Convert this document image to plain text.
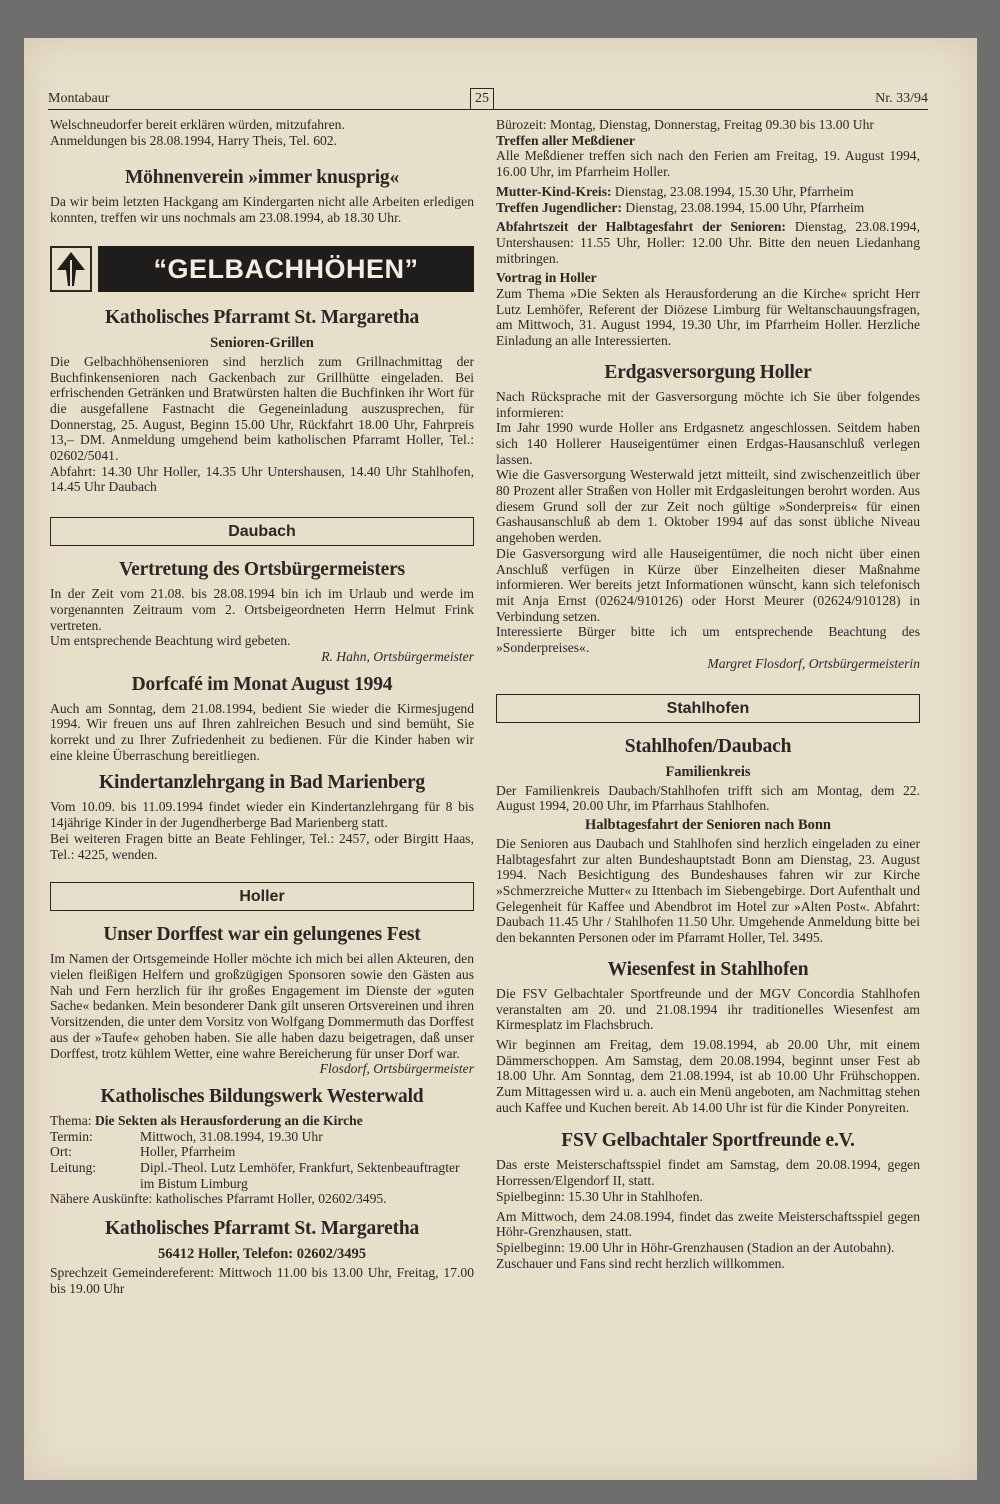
Montabaur	25	Nr. 33/94

Welschneudorfer bereit erklären würden, mitzufahren.

Anmeldungen bis 28.08.1994, Harry Theis, Tel. 602.

Möhnenverein »immer knusprig«

Da wir beim letzten Hackgang am Kindergarten nicht alle Arbeiten erledigen konnten, treffen wir uns nochmals am 23.08.1994, ab 18.30 Uhr.

“GELBACHHÖHEN”
Katholisches Pfarramt St. Margaretha
Senioren-Grillen

Die Gelbachhöhensenioren sind herzlich zum Grillnachmittag der Buchfinkensenioren nach Gackenbach zur Grillhütte eingeladen. Bei erfrischenden Getränken und Bratwürsten halten die Buchfinken ihr Wort für die ausgefallene Fastnacht die Gegeneinladung auszusprechen, für Donnerstag, 25. August, Beginn 15.00 Uhr, Rückfahrt 18.00 Uhr, Fahrpreis 13,– DM. Anmeldung umgehend beim katholischen Pfarramt Holler, Tel.: 02602/5041.

Abfahrt: 14.30 Uhr Holler, 14.35 Uhr Untershausen, 14.40 Uhr Stahlhofen, 14.45 Uhr Daubach

Daubach
Vertretung des Ortsbürgermeisters

In der Zeit vom 21.08. bis 28.08.1994 bin ich im Urlaub und werde im vorgenannten Zeitraum vom 2. Ortsbeigeordneten Herrn Helmut Frink vertreten.

Um entsprechende Beachtung wird gebeten.

R. Hahn, Ortsbürgermeister

Dorfcafé im Monat August 1994

Auch am Sonntag, dem 21.08.1994, bedient Sie wieder die Kirmesjugend 1994. Wir freuen uns auf Ihren zahlreichen Besuch und sind bemüht, Sie korrekt und zu Ihrer Zufriedenheit zu bedienen. Für die Kinder haben wir eine kleine Überraschung bereitliegen.

Kindertanzlehrgang in Bad Marienberg

Vom 10.09. bis 11.09.1994 findet wieder ein Kindertanzlehrgang für 8 bis 14jährige Kinder in der Jugendherberge Bad Marienberg statt.

Bei weiteren Fragen bitte an Beate Fehlinger, Tel.: 2457, oder Birgitt Haas, Tel.: 4225, wenden.

Holler
Unser Dorffest war ein gelungenes Fest

Im Namen der Ortsgemeinde Holler möchte ich mich bei allen Akteuren, den vielen fleißigen Helfern und großzügigen Sponsoren sowie den Gästen aus Nah und Fern herzlich für ihr großes Engagement im Dienste der »guten Sache« bedanken. Mein besonderer Dank gilt unseren Ortsvereinen und ihren Vorsitzenden, die unter dem Vorsitz von Wolfgang Dommermuth das Dorffest aus der »Taufe« gehoben haben. Sie alle haben dazu beigetragen, daß unser Dorffest, trotz kühlem Wetter, eine wahre Bereicherung für unser Dorf war.

Flosdorf, Ortsbürgermeister

Katholisches Bildungswerk Westerwald

Thema: Die Sekten als Herausforderung an die Kirche

Termin:	Mittwoch, 31.08.1994, 19.30 Uhr
Ort:	Holler, Pfarrheim
Leitung:	Dipl.-Theol. Lutz Lemhöfer, Frankfurt, Sektenbeauftragter im Bistum Limburg

Nähere Auskünfte: katholisches Pfarramt Holler, 02602/3495.

Katholisches Pfarramt St. Margaretha
56412 Holler, Telefon: 02602/3495

Sprechzeit Gemeindereferent: Mittwoch 11.00 bis 13.00 Uhr, Freitag, 17.00 bis 19.00 Uhr

Bürozeit: Montag, Dienstag, Donnerstag, Freitag 09.30 bis 13.00 Uhr

Treffen aller Meßdiener

Alle Meßdiener treffen sich nach den Ferien am Freitag, 19. August 1994, 16.00 Uhr, im Pfarrheim Holler.

Mutter-Kind-Kreis: Dienstag, 23.08.1994, 15.30 Uhr, Pfarrheim

Treffen Jugendlicher: Dienstag, 23.08.1994, 15.00 Uhr, Pfarrheim

Abfahrtszeit der Halbtagesfahrt der Senioren: Dienstag, 23.08.1994, Untershausen: 11.55 Uhr, Holler: 12.00 Uhr. Bitte den neuen Liedanhang mitbringen.

Vortrag in Holler

Zum Thema »Die Sekten als Herausforderung an die Kirche« spricht Herr Lutz Lemhöfer, Referent der Diözese Limburg für Weltanschauungsfragen, am Mittwoch, 31. August 1994, 19.30 Uhr, im Pfarrheim Holler. Herzliche Einladung an alle Interessierten.

Erdgasversorgung Holler

Nach Rücksprache mit der Gasversorgung möchte ich Sie über folgendes informieren:

Im Jahr 1990 wurde Holler ans Erdgasnetz angeschlossen. Seitdem haben sich 140 Hollerer Hauseigentümer einen Erdgas-Hausanschluß verlegen lassen.

Wie die Gasversorgung Westerwald jetzt mitteilt, sind zwischenzeitlich über 80 Prozent aller Straßen von Holler mit Erdgasleitungen berohrt worden. Aus diesem Grund soll der zur Zeit noch gültige »Sonderpreis« für einen Gashausanschluß ab dem 1. Oktober 1994 auf das sonst übliche Niveau angehoben werden.

Die Gasversorgung wird alle Hauseigentümer, die noch nicht über einen Anschluß verfügen in Kürze über Einzelheiten dieser Maßnahme informieren. Wer bereits jetzt Informationen wünscht, kann sich telefonisch mit Anja Ernst (02624/910126) oder Horst Meurer (02624/910128) in Verbindung setzen.

Interessierte Bürger bitte ich um entsprechende Beachtung des »Sonderpreises«.

Margret Flosdorf, Ortsbürgermeisterin

Stahlhofen
Stahlhofen/Daubach
Familienkreis

Der Familienkreis Daubach/Stahlhofen trifft sich am Montag, dem 22. August 1994, 20.00 Uhr, im Pfarrhaus Stahlhofen.

Halbtagesfahrt der Senioren nach Bonn

Die Senioren aus Daubach und Stahlhofen sind herzlich eingeladen zu einer Halbtagesfahrt zur alten Bundeshauptstadt Bonn am Dienstag, 23. August 1994. Nach Besichtigung des Bundeshauses fahren wir zur Kirche »Schmerzreiche Mutter« zu Ittenbach im Siebengebirge. Dort Aufenthalt und Gelegenheit für Kaffee und Abendbrot im Hotel zur »Alten Post«. Abfahrt: Daubach 11.45 Uhr / Stahlhofen 11.50 Uhr. Umgehende Anmeldung bitte bei den bekannten Personen oder im Pfarramt Holler, Tel. 3495.

Wiesenfest in Stahlhofen

Die FSV Gelbachtaler Sportfreunde und der MGV Concordia Stahlhofen veranstalten am 20. und 21.08.1994 ihr traditionelles Wiesenfest am Kirmesplatz im Flachsbruch.

Wir beginnen am Freitag, dem 19.08.1994, ab 20.00 Uhr, mit einem Dämmerschoppen. Am Samstag, dem 20.08.1994, beginnt unser Fest ab 18.00 Uhr. Am Sonntag, dem 21.08.1994, ist ab 10.00 Uhr Frühschoppen. Zum Mittagessen wird u. a. auch ein Menü angeboten, am Nachmittag stehen auch Kaffee und Kuchen bereit. Ab 14.00 Uhr ist für die Kinder Ponyreiten.

FSV Gelbachtaler Sportfreunde e.V.

Das erste Meisterschaftsspiel findet am Samstag, dem 20.08.1994, gegen Horressen/Elgendorf II, statt.

Spielbeginn: 15.30 Uhr in Stahlhofen.

Am Mittwoch, dem 24.08.1994, findet das zweite Meisterschaftsspiel gegen Höhr-Grenzhausen, statt.

Spielbeginn: 19.00 Uhr in Höhr-Grenzhausen (Stadion an der Autobahn).

Zuschauer und Fans sind recht herzlich willkommen.
